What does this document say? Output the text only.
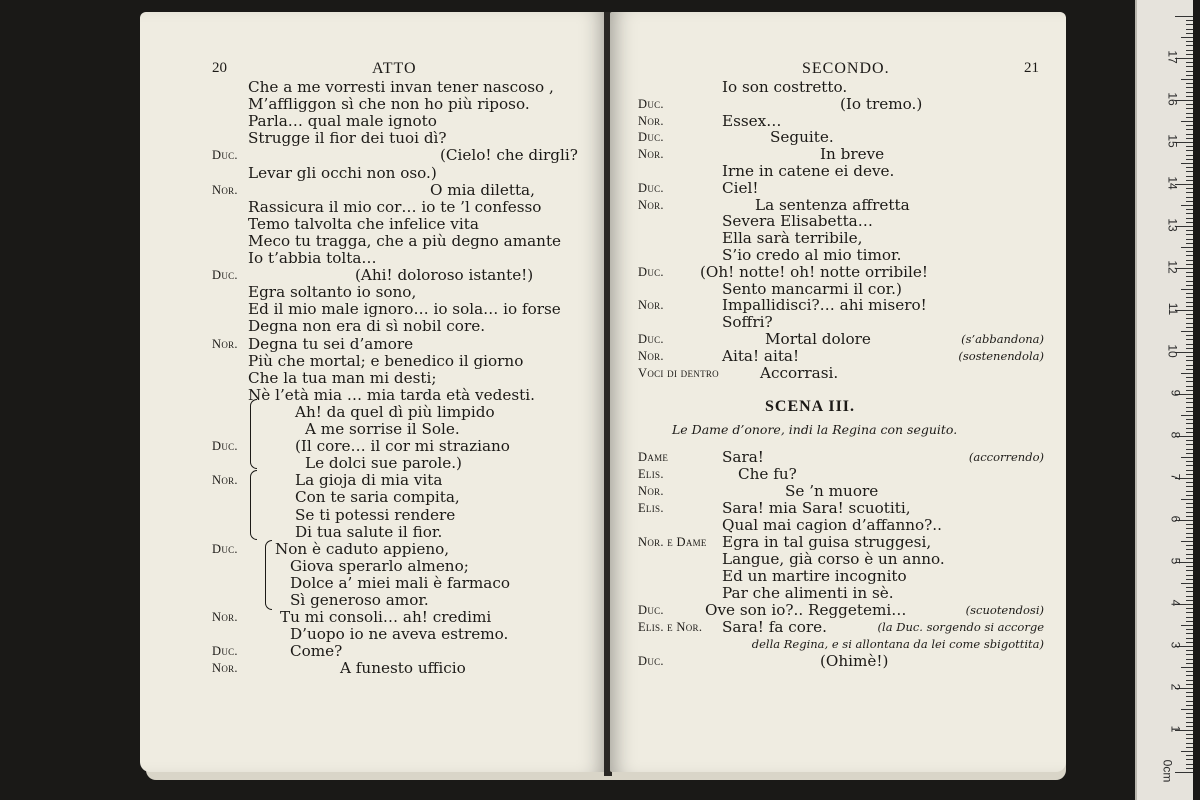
20	ATTO
Che a me vorresti invan tener nascoso ,
M’affliggon sì che non ho più riposo.
Parla… qual male ignoto
Strugge il fior dei tuoi dì?
Duc.	(Cielo! che dirgli?
Levar gli occhi non oso.)
Nor.	O mia diletta,
Rassicura il mio cor… io te ’l confesso
Temo talvolta che infelice vita
Meco tu tragga, che a più degno amante
Io t’abbia tolta…
Duc.	(Ahi! doloroso istante!)
Egra soltanto io sono,
Ed il mio male ignoro… io sola… io forse
Degna non era di sì nobil core.
Nor. Degna tu sei d’amore
Più che mortal; e benedico il giorno
Che la tua man mi desti;
Nè l’età mia … mia tarda età vedesti.
Ah! da quel dì più limpido
A me sorrise il Sole.
Duc.	(Il core… il cor mi straziano
Le dolci sue parole.)
Nor.	La gioja di mia vita
Con te saria compita,
Se ti potessi rendere
Di tua salute il fior.
Duc. Non è caduto appieno,
Giova sperarlo almeno;
Dolce a’ miei mali è farmaco
Sì generoso amor.
Nor.	Tu mi consoli… ah! credimi
D’uopo io ne aveva estremo.
Duc.	Come?
Nor.	A funesto ufficio
SECONDO.	21
SCENA III.
Le Dame d’onore, indi la Regina con seguito.
Io son costretto.
Duc.	(Io tremo.)
Nor.	Essex…
Duc.	Seguite.
Nor.	In breve
Irne in catene ei deve.
Duc.	Ciel!
Nor.	La sentenza affretta
Severa Elisabetta…
Ella sarà terribile,
S’io credo al mio timor.
Duc. (Oh! notte! oh! notte orribile!
Sento mancarmi il cor.)
Nor.	Impallidisci?… ahi misero!
Soffri?
Duc.	Mortal dolore	(s’abbandona)
Nor.	Aita! aita!	(sostenendola)
Voci di dentro	Accorrasi.
Dame	Sara!	(accorrendo)
Elis.	Che fu?
Nor.	Se ’n muore
Elis.	Sara! mia Sara! scuotiti,
Qual mai cagion d’affanno?..
Nor. e Dame Egra in tal guisa struggesi,
Langue, già corso è un anno.
Ed un martire incognito
Par che alimenti in sè.
Duc.	Ove son io?.. Reggetemi…	(scuotendosi)
Elis. e Nor. Sara! fa core.	(la Duc. sorgendo si accorge
della Regina, e si allontana da lei come sbigottita)
Duc.	(Ohimè!)
0cm
1
2
3
4
5
6
7
8
9
10
11
12
13
14
15
16
17
